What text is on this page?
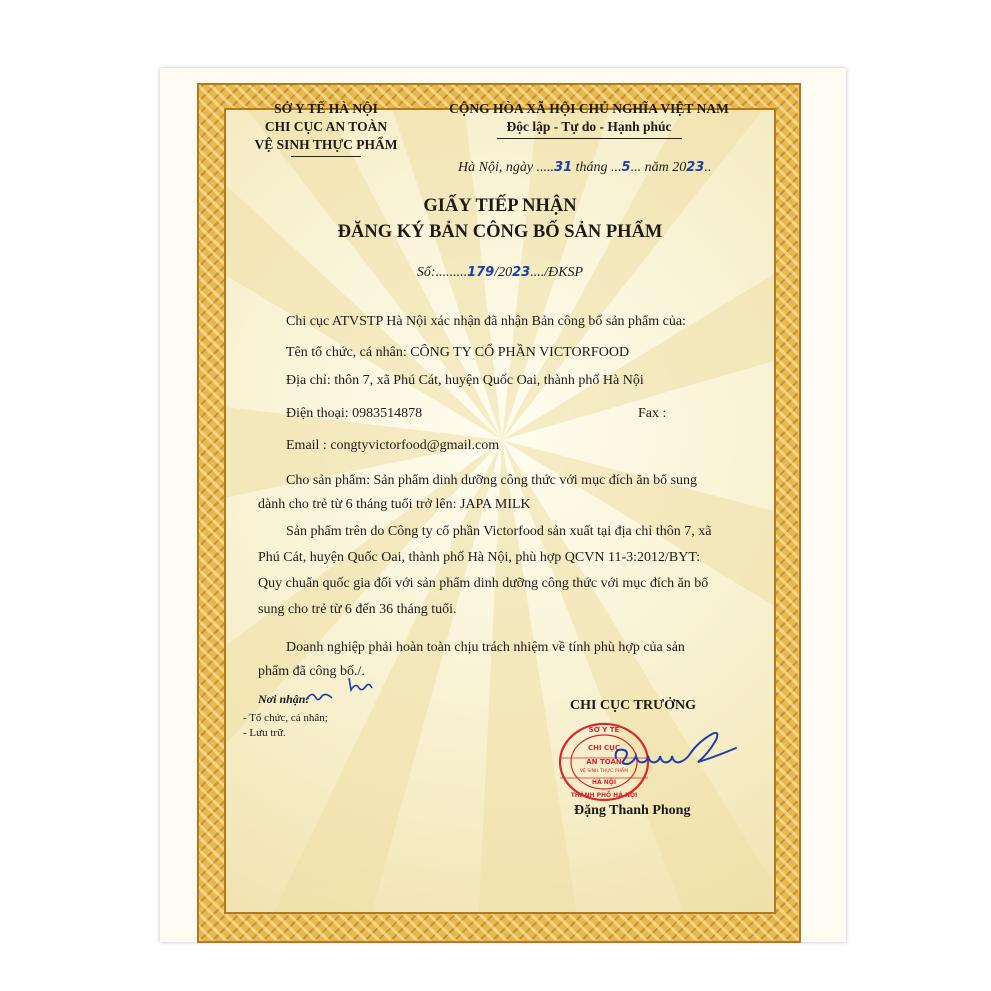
SỞ Y TẾ HÀ NỘI
CHI CỤC AN TOÀN
VỆ SINH THỰC PHẨM
CỘNG HÒA XÃ HỘI CHỦ NGHĨA VIỆT NAM
Độc lập - Tự do - Hạnh phúc
Hà Nội, ngày .....31 tháng ...5... năm 2023..
GIẤY TIẾP NHẬN
ĐĂNG KÝ BẢN CÔNG BỐ SẢN PHẨM
Số:.........179/2023..../ĐKSP
Chi cục ATVSTP Hà Nội xác nhận đã nhận Bản công bố sản phẩm của:
Tên tổ chức, cá nhân: CÔNG TY CỔ PHẦN VICTORFOOD
Địa chỉ: thôn 7, xã Phú Cát, huyện Quốc Oai, thành phố Hà Nội
Điện thoại: 0983514878	Fax :
Email : congtyvictorfood@gmail.com
Cho sản phẩm: Sản phẩm dinh dưỡng công thức với mục đích ăn bổ sung
dành cho trẻ từ 6 tháng tuổi trở lên: JAPA MILK
Sản phẩm trên do Công ty cổ phần Victorfood sản xuất tại địa chỉ thôn 7, xã
Phú Cát, huyện Quốc Oai, thành phố Hà Nội, phù hợp QCVN 11-3:2012/BYT:
Quy chuẩn quốc gia đối với sản phẩm dinh dưỡng công thức với mục đích ăn bổ
sung cho trẻ từ 6 đến 36 tháng tuổi.
Doanh nghiệp phải hoàn toàn chịu trách nhiệm về tính phù hợp của sản
phẩm đã công bố./.
Nơi nhận:
- Tổ chức, cá nhân;
- Lưu trữ.
CHI CỤC TRƯỞNG
SỞ Y TẾ
CHI CỤC
AN TOÀN
VỆ SINH THỰC PHẨM
HÀ NỘI
THÀNH PHỐ HÀ NỘI
Đặng Thanh Phong
